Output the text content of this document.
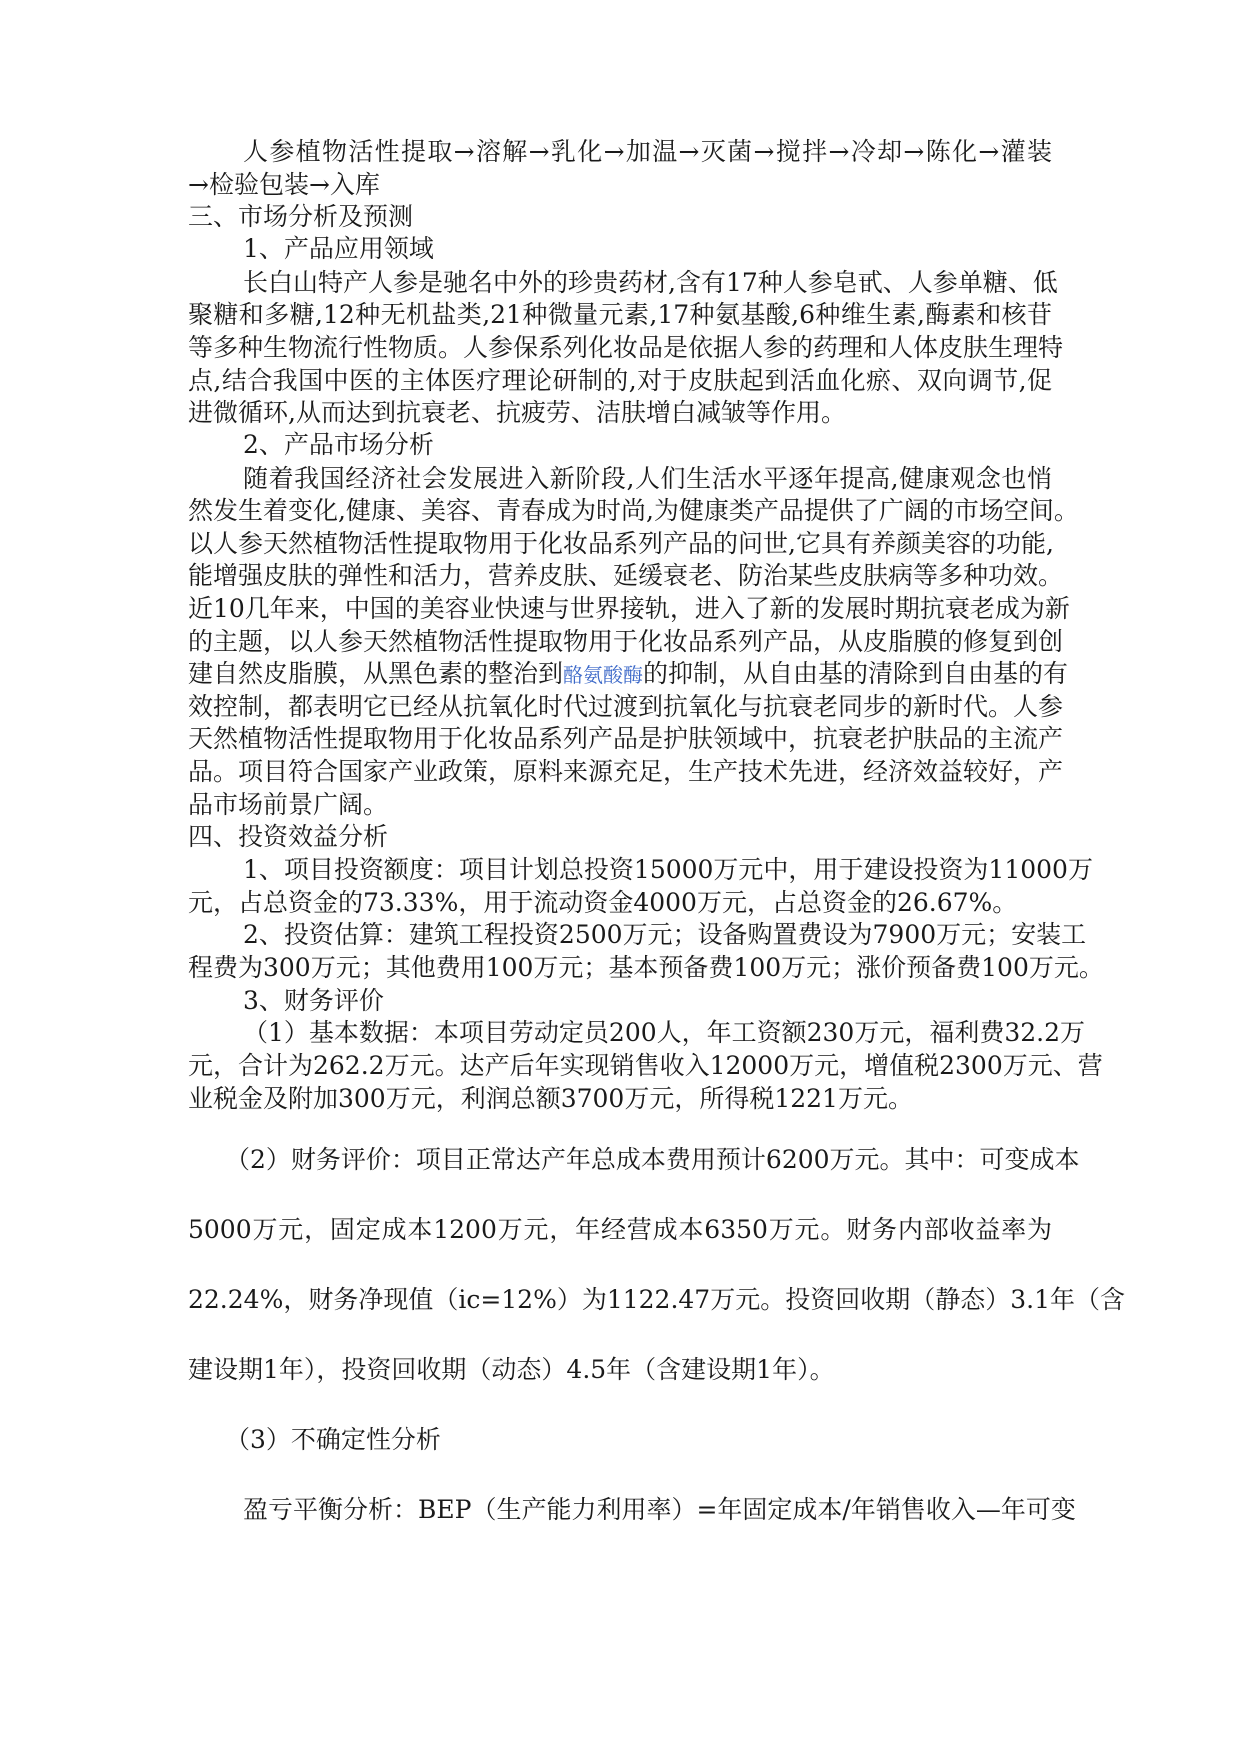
人参植物活性提取→溶解→乳化→加温→灭菌→搅拌→冷却→陈化→灌装
→检验包装→入库
三、市场分析及预测
1、产品应用领域
长白山特产人参是驰名中外的珍贵药材,含有17种人参皂甙、人参单糖、低
聚糖和多糖,12种无机盐类,21种微量元素,17种氨基酸,6种维生素,酶素和核苷
等多种生物流行性物质。人参保系列化妆品是依据人参的药理和人体皮肤生理特
点,结合我国中医的主体医疗理论研制的,对于皮肤起到活血化瘀、双向调节,促
进微循环,从而达到抗衰老、抗疲劳、洁肤增白减皱等作用。
2、产品市场分析
随着我国经济社会发展进入新阶段,人们生活水平逐年提高,健康观念也悄
然发生着变化,健康、美容、青春成为时尚,为健康类产品提供了广阔的市场空间。
以人参天然植物活性提取物用于化妆品系列产品的问世,它具有养颜美容的功能,
能增强皮肤的弹性和活力，营养皮肤、延缓衰老、防治某些皮肤病等多种功效。
近10几年来，中国的美容业快速与世界接轨，进入了新的发展时期抗衰老成为新
的主题，以人参天然植物活性提取物用于化妆品系列产品，从皮脂膜的修复到创
建自然皮脂膜，从黑色素的整治到 酪氨酸酶的抑制，从自由基的清除到自由基的有
效控制，都表明它已经从抗氧化时代过渡到抗氧化与抗衰老同步的新时代。人参
天然植物活性提取物用于化妆品系列产品是护肤领域中，抗衰老护肤品的主流产
品。项目符合国家产业政策，原料来源充足，生产技术先进，经济效益较好，产
品市场前景广阔。
四、投资效益分析
1、项目投资额度：项目计划总投资15000万元中，用于建设投资为11000万
元，占总资金的73.33%，用于流动资金4000万元，占总资金的26.67%。
2、投资估算：建筑工程投资2500万元；设备购置费设为7900万元；安装工
程费为300万元；其他费用100万元；基本预备费100万元；涨价预备费100万元。
3、财务评价
（1）基本数据：本项目劳动定员200人，年工资额230万元，福利费32.2万
元，合计为262.2万元。达产后年实现销售收入12000万元，增值税2300万元、营
业税金及附加300万元，利润总额3700万元，所得税1221万元。
（2）财务评价：项目正常达产年总成本费用预计6200万元。其中：可变成本
5000万元，固定成本1200万元，年经营成本6350万元。财务内部收益率为
22.24%，财务净现值（ic=12%）为1122.47万元。投资回收期（静态）3.1年（含
建设期1年），投资回收期（动态）4.5年（含建设期1年）。
（3）不确定性分析
盈亏平衡分析：BEP（生产能力利用率）=年固定成本/年销售收入—年可变
